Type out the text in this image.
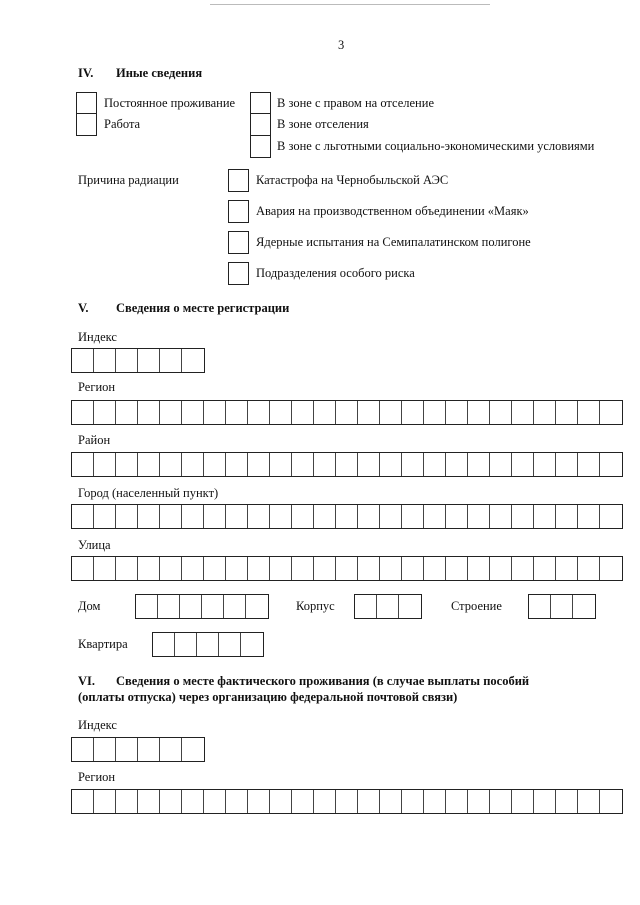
3
IV. Иные сведения
Постоянное проживание
Работа
В зоне с правом на отселение
В зоне отселения
В зоне с льготными социально-экономическими условиями
Причина радиации	Катастрофа на Чернобыльской АЭС
Авария на производственном объединении «Маяк»
Ядерные испытания на Семипалатинском полигоне
Подразделения особого риска
V. Сведения о месте регистрации
Индекс
Регион
Район
Город (населенный пункт)
Улица
Дом	Корпус	Строение
Квартира
VI. Сведения о месте фактического проживания (в случае выплаты пособий
(оплаты отпуска) через организацию федеральной почтовой связи)
Индекс
Регион
